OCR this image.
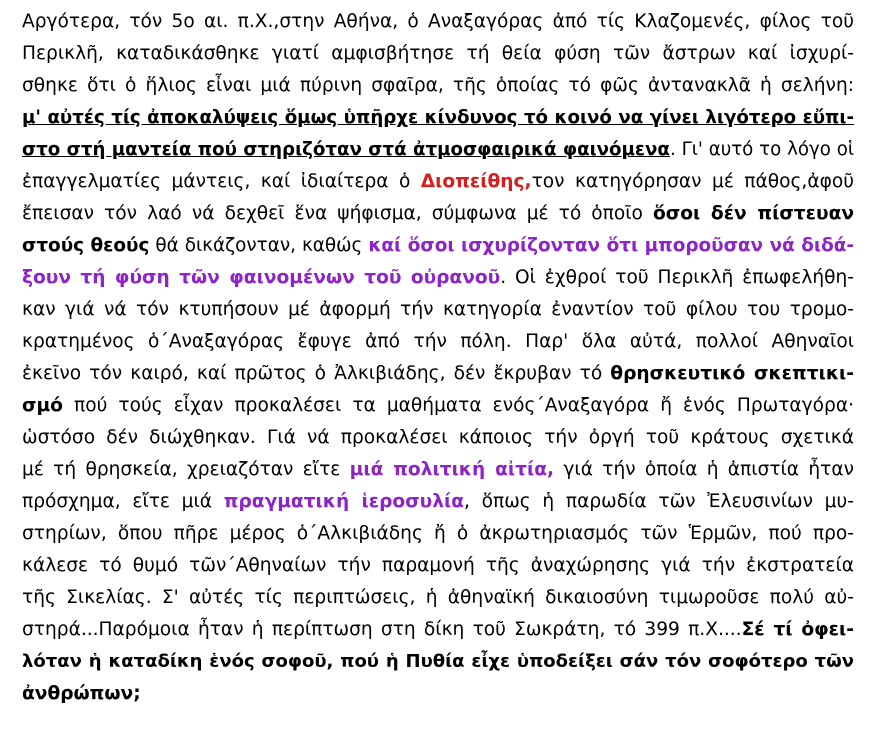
Αργότερα, τόν 5ο αι. π.Χ.,στην Αθήνα, ὁ Αναξαγόρας ἀπό τίς Κλαζομενές, φίλος τοῦ
Περικλῆ, καταδικάσθηκε γιατί αμφισβήτησε τή θεία φύση τῶν ἄστρων καί ἰσχυρί-
σθηκε ὅτι ὁ ἥλιος εἶναι μιά πύρινη σφαῖρα, τῆς ὁποίας τό φῶς ἀντανακλᾶ ἡ σελήνη:
μ' αὐτές τίς ἀποκαλύψεις ὅμως ὑπῆρχε κίνδυνος τό κοινό να γίνει λιγότερο εὔπι-
στο στή μαντεία πού στηριζόταν στά ἀτμοσφαιρικά φαινόμενα. Γι' αυτό το λόγο οἱ
ἐπαγγελματίες μάντεις, καί ἰδιαίτερα ὁ Διοπείθης,τον κατηγόρησαν μέ πάθος,ἀφοῦ
ἔπεισαν τόν λαό νά δεχθεῖ ἕνα ψήφισμα, σύμφωνα μέ τό ὁποῖο ὅσοι δέν πίστευαν
στούς θεούς θά δικάζονταν, καθώς καί ὅσοι ισχυρίζονταν ὅτι μποροῦσαν νά διδά-
ξουν τή φύση τῶν φαινομένων τοῦ οὐρανοῦ. Οἱ ἐχθροί τοῦ Περικλῆ ἐπωφελήθη-
καν γιά νά τόν κτυπήσουν μέ ἀφορμή τήν κατηγορία ἐναντίον τοῦ φίλου του τρομο-
κρατημένος ὁ΄Αναξαγόρας ἔφυγε ἀπό τήν πόλη. Παρ' ὅλα αὐτά, πολλοί Αθηναῖοι
ἐκεῖνο τόν καιρό, καί πρῶτος ὁ Ἀλκιβιάδης, δέν ἔκρυβαν τό θρησκευτικό σκεπτικι-
σμό πού τούς εἶχαν προκαλέσει τα μαθήματα ενός΄Αναξαγόρα ἤ ἑνός Πρωταγόρα·
ὡστόσο δέν διώχθηκαν. Γιά νά προκαλέσει κάποιος τήν ὀργή τοῦ κράτους σχετικά
μέ τή θρησκεία, χρειαζόταν εἴτε μιά πολιτική αἰτία, γιά τήν ὁποία ἡ ἀπιστία ἦταν
πρόσχημα, εἴτε μιά πραγματική ἱεροσυλία, ὅπως ἡ παρωδία τῶν Ἐλευσινίων μυ-
στηρίων, ὅπου πῆρε μέρος ὁ΄Αλκιβιάδης ἤ ὁ ἀκρωτηριασμός τῶν Ἑρμῶν, πού προ-
κάλεσε τό θυμό τῶν΄Αθηναίων τήν παραμονή τῆς ἀναχώρησης γιά τήν ἐκστρατεία
τῆς Σικελίας. Σ' αὐτές τίς περιπτώσεις, ἡ ἀθηναϊκή δικαιοσύνη τιμωροῦσε πολύ αὐ-
στηρά...Παρόμοια ἦταν ἡ περίπτωση στη δίκη τοῦ Σωκράτη, τό 399 π.Χ....Σέ τί ὀφει-
λόταν ἡ καταδίκη ἑνός σοφοῦ, πού ἡ Πυθία εἶχε ὑποδείξει σάν τόν σοφότερο τῶν
ἀνθρώπων;
